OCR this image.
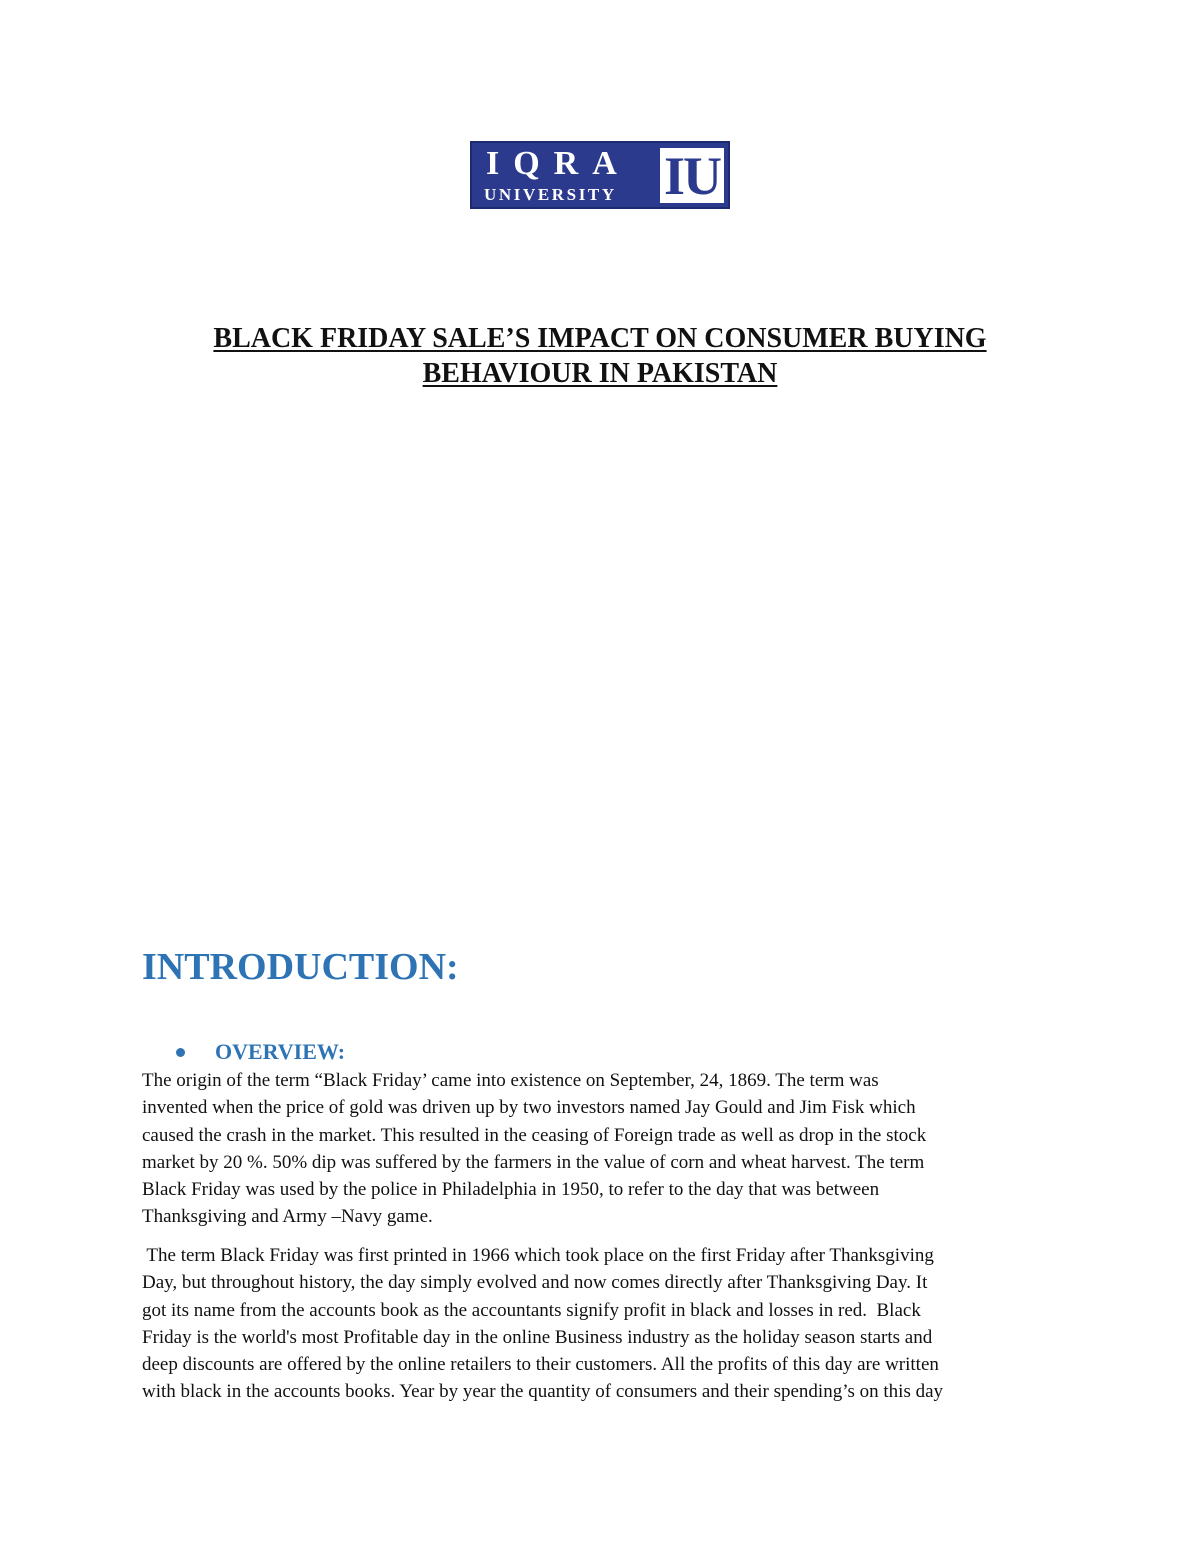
IQRA
UNIVERSITY IU
BLACK FRIDAY SALE’S IMPACT ON CONSUMER BUYING
BEHAVIOUR IN PAKISTAN
INTRODUCTION:
OVERVIEW:

The origin of the term “Black Friday’ came into existence on September, 24, 1869. The term was
invented when the price of gold was driven up by two investors named Jay Gould and Jim Fisk which
caused the crash in the market. This resulted in the ceasing of Foreign trade as well as drop in the stock
market by 20 %. 50% dip was suffered by the farmers in the value of corn and wheat harvest. The term
Black Friday was used by the police in Philadelphia in 1950, to refer to the day that was between
Thanksgiving and Army –Navy game.

The term Black Friday was first printed in 1966 which took place on the first Friday after Thanksgiving
Day, but throughout history, the day simply evolved and now comes directly after Thanksgiving Day. It
got its name from the accounts book as the accountants signify profit in black and losses in red.  Black
Friday is the world's most Profitable day in the online Business industry as the holiday season starts and
deep discounts are offered by the online retailers to their customers. All the profits of this day are written
with black in the accounts books. Year by year the quantity of consumers and their spending’s on this day
